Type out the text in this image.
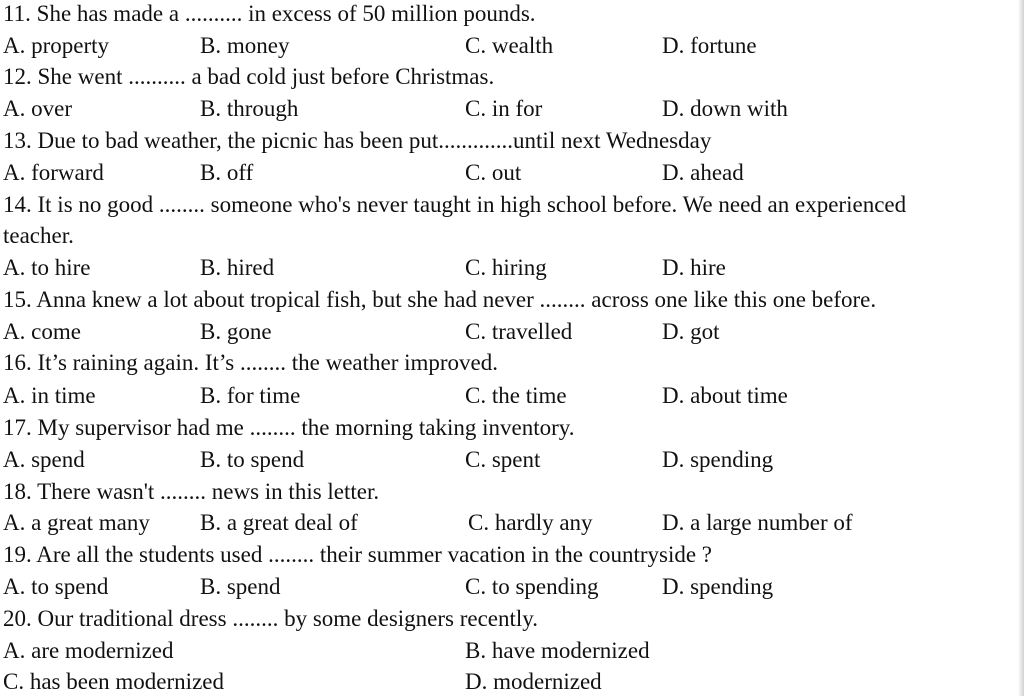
11. She has made a .......... in excess of 50 million pounds.
A. property	B. money	C. wealth	D. fortune
12. She went .......... a bad cold just before Christmas.
A. over	B. through	C. in for	D. down with
13. Due to bad weather, the picnic has been put.............until next Wednesday
A. forward	B. off	C. out	D. ahead
14. It is no good ........ someone who's never taught in high school before. We need an experienced
teacher.
A. to hire	B. hired	C. hiring	D. hire
15. Anna knew a lot about tropical fish, but she had never ........ across one like this one before.
A. come	B. gone	C. travelled	D. got
16. It’s raining again. It’s ........ the weather improved.
A. in time	B. for time	C. the time	D. about time
17. My supervisor had me ........ the morning taking inventory.
A. spend	B. to spend	C. spent	D. spending
18. There wasn't ........ news in this letter.
A. a great many B. a great deal of	C. hardly any	D. a large number of
19. Are all the students used ........ their summer vacation in the countryside ?
A. to spend	B. spend	C. to spending	D. spending
20. Our traditional dress ........ by some designers recently.
A. are modernized	B. have modernized
C. has been modernized	D. modernized
